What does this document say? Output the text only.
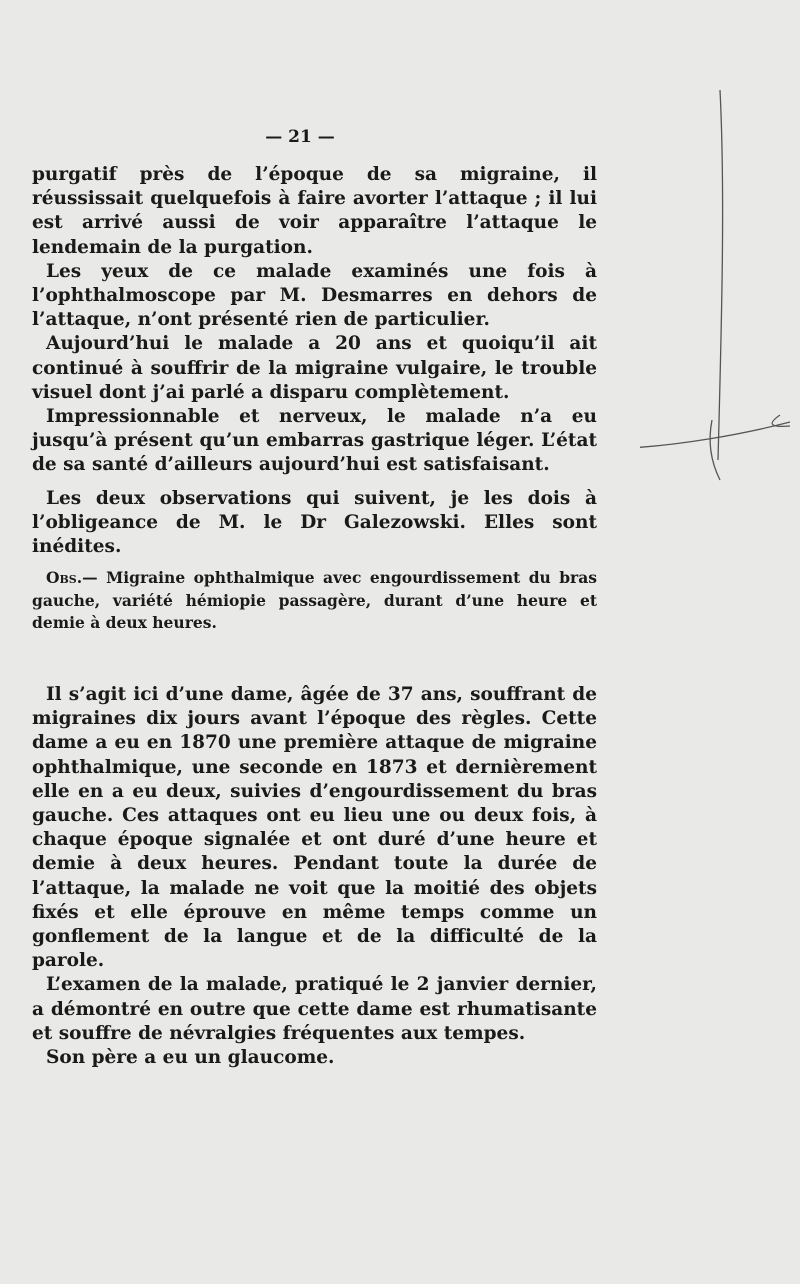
— 21 —

purgatif près de l’époque de sa migraine, il réussissait quelquefois à faire avorter l’attaque ; il lui est arrivé aussi de voir apparaître l’attaque le lendemain de la purgation.

Les yeux de ce malade examinés une fois à l’ophthalmoscope par M. Desmarres en dehors de l’attaque, n’ont présenté rien de particulier.

Aujourd’hui le malade a 20 ans et quoiqu’il ait continué à souffrir de la migraine vulgaire, le trouble visuel dont j’ai parlé a disparu complètement.

Impressionnable et nerveux, le malade n’a eu jusqu’à présent qu’un embarras gastrique léger. L’état de sa santé d’ailleurs aujourd’hui est satisfaisant.

Les deux observations qui suivent, je les dois à l’obligeance de M. le Dr Galezowski. Elles sont inédites.

Obs.— Migraine ophthalmique avec engourdissement du bras gauche, variété hémiopie passagère, durant d’une heure et demie à deux heures.

Il s’agit ici d’une dame, âgée de 37 ans, souffrant de migraines dix jours avant l’époque des règles. Cette dame a eu en 1870 une première attaque de migraine ophthalmique, une seconde en 1873 et dernièrement elle en a eu deux, suivies d’engourdissement du bras gauche. Ces attaques ont eu lieu une ou deux fois, à chaque époque signalée et ont duré d’une heure et demie à deux heures. Pendant toute la durée de l’attaque, la malade ne voit que la moitié des objets fixés et elle éprouve en même temps comme un gonflement de la langue et de la difficulté de la parole.

L’examen de la malade, pratiqué le 2 janvier dernier, a démontré en outre que cette dame est rhumatisante et souffre de névralgies fréquentes aux tempes.

Son père a eu un glaucome.
